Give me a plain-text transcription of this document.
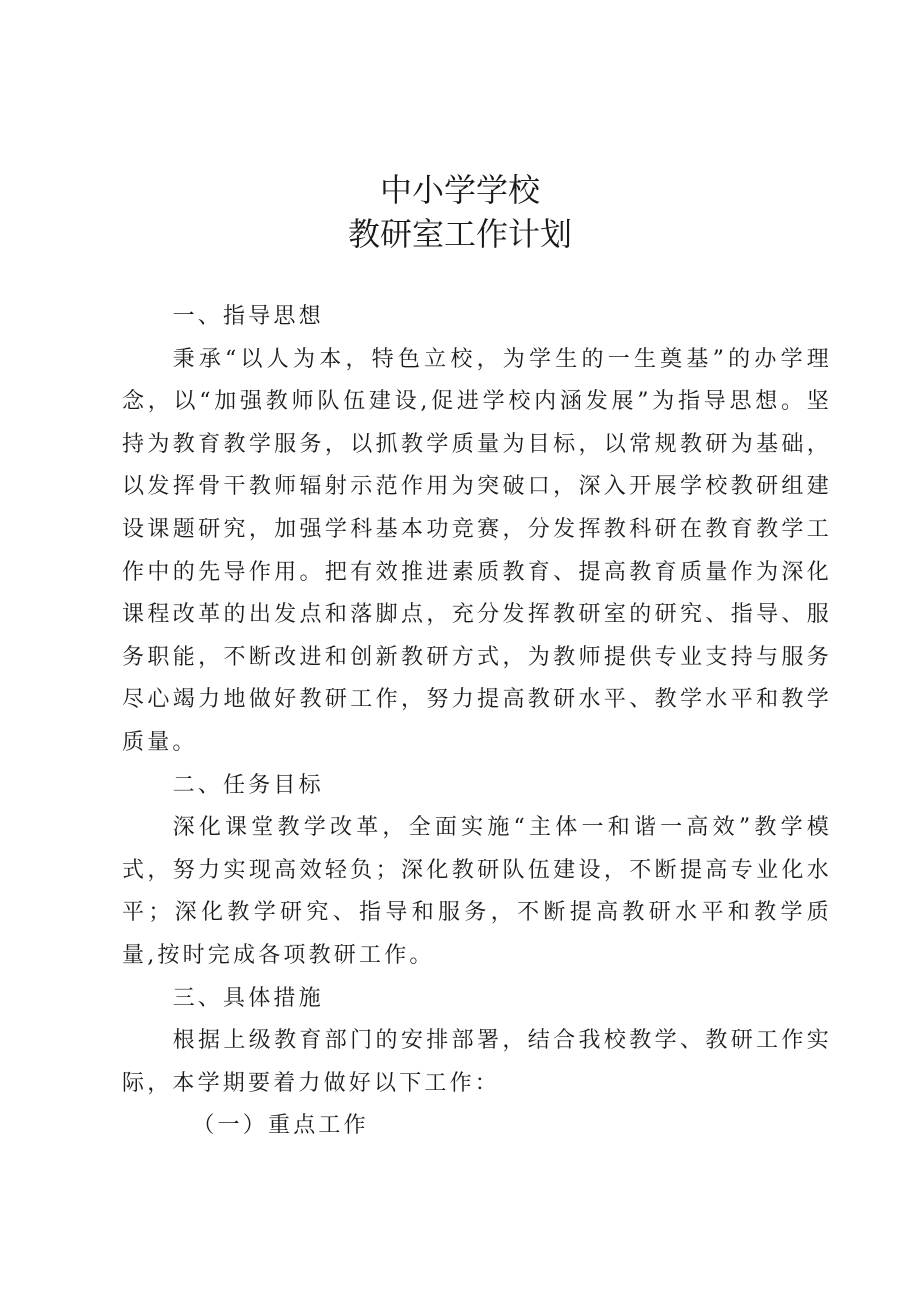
中小学学校
教研室工作计划

一、指导思想

秉承“以人为本，特色立校，为学生的一生奠基”的办学理念，以“加强教师队伍建设,促进学校内涵发展”为指导思想。坚持为教育教学服务，以抓教学质量为目标，以常规教研为基础，以发挥骨干教师辐射示范作用为突破口，深入开展学校教研组建设课题研究，加强学科基本功竞赛，分发挥教科研在教育教学工作中的先导作用。把有效推进素质教育、提高教育质量作为深化课程改革的出发点和落脚点，充分发挥教研室的研究、指导、服务职能，不断改进和创新教研方式，为教师提供专业支持与服务尽心竭力地做好教研工作，努力提高教研水平、教学水平和教学质量。

二、任务目标

深化课堂教学改革，全面实施“主体一和谐一高效”教学模式，努力实现高效轻负；深化教研队伍建设，不断提高专业化水平；深化教学研究、指导和服务，不断提高教研水平和教学质量,按时完成各项教研工作。

三、具体措施

根据上级教育部门的安排部署，结合我校教学、教研工作实际，本学期要着力做好以下工作：

（一）重点工作
